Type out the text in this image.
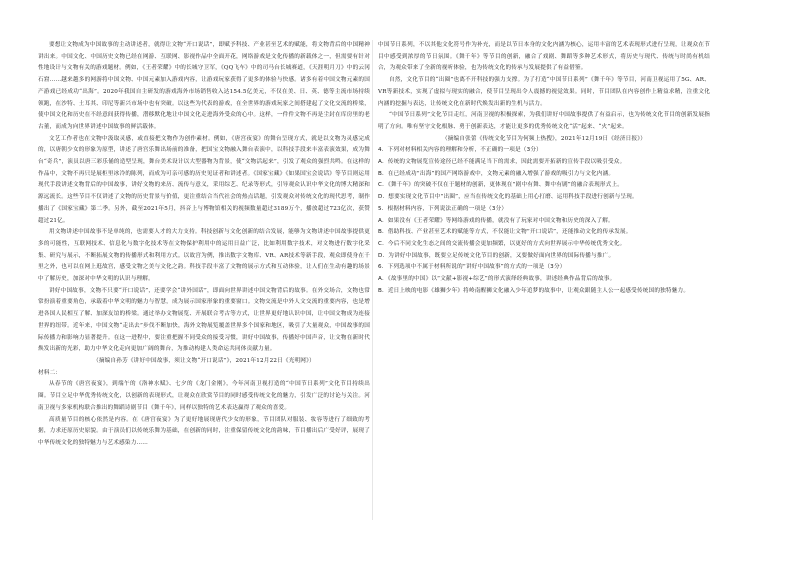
要想让文物成为中国故事的主动讲述者，就得让文物“开口说话”，即赋予科技、产业甚至艺术的赋能，将文物背后的中国精神讲出来。中国文化、中国历史文物已经在网游、互联网、影视作品中全面开花，网络游戏是文化传播的新载体之一，但需要有针对性地设计与文物有关的游戏题材。例如，《王者荣耀》中的长城守卫军，《QQ飞车》中的司马台长城赛道，《天涯明月刀》中的云冈石窟……越来越多的网游将中国文物、中国元素加入游戏内容，让游戏玩家获得了更多的体验与快感。诸多有着中国文物元素的国产游戏已经成功“出海”。2020年我国自主研发的游戏海外市场销售收入达154.5亿美元，不仅在美、日、英、德等主流市场持续领跑，在沙特、土耳其、印尼等新兴市场中也有突破。以这些为代表的游戏，在全世界的游戏玩家之间搭建起了文化交流的桥梁，使中国文化和历史在不经意间获得传播，潜移默化地让中国文化走进海外受众的心中。这样，一件件文物不再是尘封在库房里的老古董，而成为向世界讲述中国故事的鲜活载体。

文艺工作者也在文物中汲取灵感，或直接把文物作为创作素材。例如，《唐宫夜宴》的舞台呈现方式，就是以文物为灵感完成的，以唐朝少女的形象为原型，讲述了唐宫乐舞出场前的准备，把国宝文物融入舞台表演中，以科技手段来丰富表演效果，成为舞台“奇兵”，演员以唐三彩乐俑的造型呈现，舞台美术设计以大型器物为背景，使“文物活起来”，引发了观众的强烈共鸣。在这样的作品中，文物不再只是展柜里冰冷的陈列，而成为可亲可感的历史见证者和讲述者。《国家宝藏》《如果国宝会说话》等节目则运用现代手段讲述文物背后的中国故事，讲好文物的来历、流传与意义，采用综艺、纪录等形式，引导观众认识中华文化的博大精深和源远流长。这些节目不仅讲述了文物的历史背景与价值，更注重结合当代社会的热点话题，引发观众对传统文化的现代思考，制作播出了《国家宝藏》第二季。另外，截至2021年5月，抖音上与博物馆相关的视频数量超过3189万个，播放超过723亿次，获赞超过21亿。

用文物讲述中国故事不是单纯的，也需要人才的大力支持。科技创新与文化创新的结合发展，能够为文物讲述中国故事提供更多的可能性，互联网技术、信息化与数字化技术等在文物保护利用中的运用日益广泛，比如利用数字技术，对文物进行数字化采集、研究与展示，不断拓展文物的传播形式和利用方式。以故宫为例，推出数字文物库、VR、AR技术等新手段，观众即使身在千里之外，也可以在网上逛故宫，感受文物之美与文化之韵。科技手段丰富了文物的展示方式和互动体验，让人们在生动有趣的场景中了解历史，加深对中华文明的认识与理解。

讲好中国故事，文物不只要“开口说话”，还要学会“讲外国话”，即面向世界讲述中国文物背后的故事。在外交场合，文物也常常扮演着重要角色，承载着中华文明的魅力与智慧，成为展示国家形象的重要窗口。文物交流是中外人文交流的重要内容，也是增进各国人民相互了解、加深友谊的桥梁。通过举办文物展览、开展联合考古等方式，让世界更好地认识中国，让中国文物成为连接世界的纽带。近年来，中国文物“走出去”步伐不断加快，海外文物展览覆盖世界多个国家和地区，吸引了大量观众，中国故事的国际传播力和影响力显著提升。在这一进程中，要注重把握不同受众的接受习惯，讲好中国故事，传播好中国声音，让文物在新时代焕发出新的光彩，助力中华文化走向更加广阔的舞台，为推动构建人类命运共同体贡献力量。

（摘编自孙芳《讲好中国故事，须让文物“开口说话”》，2021年12月22日《光明网》）

材料二：

从春节的《唐宫夜宴》，到端午的《洛神水赋》、七夕的《龙门金刚》，今年河南卫视打造的“中国节日系列”文化节目持续出圈。节目立足中华优秀传统文化，以创新的表现形式，让观众在欣赏节目的同时感受传统文化的魅力，引发广泛的讨论与关注。河南卫视与多家机构联合推出的舞蹈诗剧节目《舞千年》，同样以独特的艺术表达赢得了观众的喜爱。

高质量节目的核心依然是内容。在《唐宫夜宴》为了更好地展现唐代少女的形象，节目团队对服装、妆容等进行了细致的考据，力求还原历史原貌。由于演员们以传统乐舞为基础，在创新的同时，注重保留传统文化的韵味，节目播出后广受好评，展现了中华传统文化的独特魅力与艺术感染力……

中国节日系列，不以其他文化符号作为补充，而是以节日本身的文化内涵为核心，运用丰富的艺术表现形式进行呈现，让观众在节目中感受到浓厚的节日氛围。《舞千年》等节目的创新，融合了戏剧、舞蹈等多种艺术形式，将历史与现代、传统与时尚有机结合，为观众带来了全新的视听体验，也为传统文化的传承与发展提供了有益借鉴。

自然，文化节目的“出圈”也离不开科技的强力支撑。为了打造“中国节日系列”《舞千年》等节目，河南卫视运用了5G、AR、VR等新技术，实现了虚拟与现实的融合，使节目呈现出令人震撼的视觉效果。同时，节目团队在内容创作上精益求精，注重文化内涵的挖掘与表达，让传统文化在新时代焕发出新的生机与活力。

“中国节日系列”文化节目走红，河南卫视的积极探索，为我们讲好中国故事提供了有益启示，也为传统文化节目的创新发展指明了方向。唯有坚守文化根脉、勇于创新表达，才能让更多的优秀传统文化“活”起来、“火”起来。

（摘编自张蕾《传统文化节目为何频上热搜》，2021年12月19日《经济日报》）

4．下列对材料相关内容的理解和分析，不正确的一项是（3分）

A．传统的文物展览宣传途径已经不能满足当下的需求，因此需要开拓新的宣传手段以吸引受众。

B．在已经成功“出海”的国产网络游戏中，文物元素的融入增强了游戏的吸引力与文化内涵。

C．《舞千年》的突破不仅在于题材的创新，更体现在“剧中有舞、舞中有剧”的融合表现形式上。

D．想要实现文化节目中“出圈”，应当在传统文化的基础上用心打磨、运用科技手段进行创新与呈现。

5．根据材料内容，下列说法正确的一项是（3分）

A．如果没有《王者荣耀》等网络游戏的传播，就没有了玩家对中国文物和历史的深入了解。

B．借助科技、产业甚至艺术的赋能等方式，不仅能让文物“开口说话”，还能推动文化的传承发展。

C．今后不同文化生态之间的交流传播会更加频繁，以更好的方式向世界展示中华传统优秀文化。

D．为讲好中国故事，既要立足传统文化节目的创新，又要做好面向世界的国际传播与推广。

6．下列选项中不属于材料所说的“讲好中国故事”的方式的一项是（3分）

A．《故事里的中国》以“文献+影视+综艺”的形式演绎经典故事，讲述经典作品背后的故事。

B．近日上映的电影《雄狮少年》将岭南醒狮文化融入少年追梦的故事中，让观众跟随主人公一起感受传统国的独特魅力。
